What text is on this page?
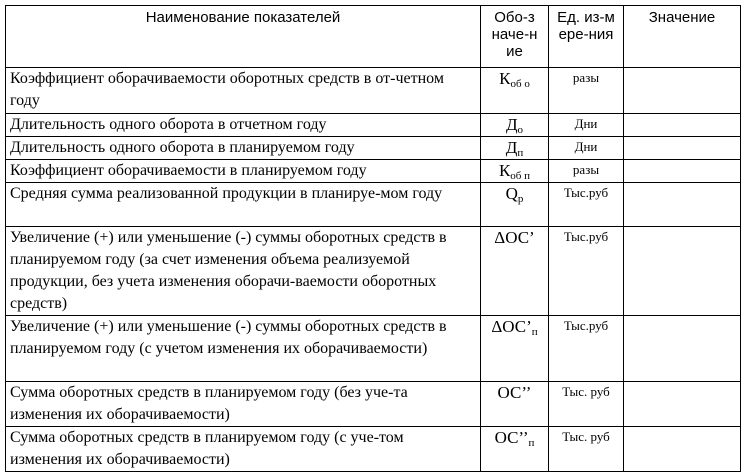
Наименование показателей	Обо-значе-ние	Ед. из-мере-ния	Значение
Коэффициент оборачиваемости оборотных средств в от-четном году	$К_{об о}$	разы	
Длительность одного оборота в отчетном году	$Д_о$	Дни	
Длительность одного оборота в планируемом году	$Д_п$	Дни	
Коэффициент оборачиваемости в планируемом году	$К_{об п}$	разы	
Средняя сумма реализованной продукции в планируе-мом году	$Q_р$	Тыс.руб	
Увеличение (+) или уменьшение (-) суммы оборотных средств в планируемом году (за счет изменения объема реализуемой продукции, без учета изменения оборачи-ваемости оборотных средств)	ΔОС’	Тыс.руб	
Увеличение (+) или уменьшение (-) суммы оборотных средств в планируемом году (с учетом изменения их оборачиваемости)	$\Delta ОС’_п$	Тыс.руб	
Сумма оборотных средств в планируемом году (без уче-та изменения их оборачиваемости)	ОС’’	Тыс. руб	
Сумма оборотных средств в планируемом году (с уче-том изменения их оборачиваемости)	$ОС’’_п$	Тыс. руб	
